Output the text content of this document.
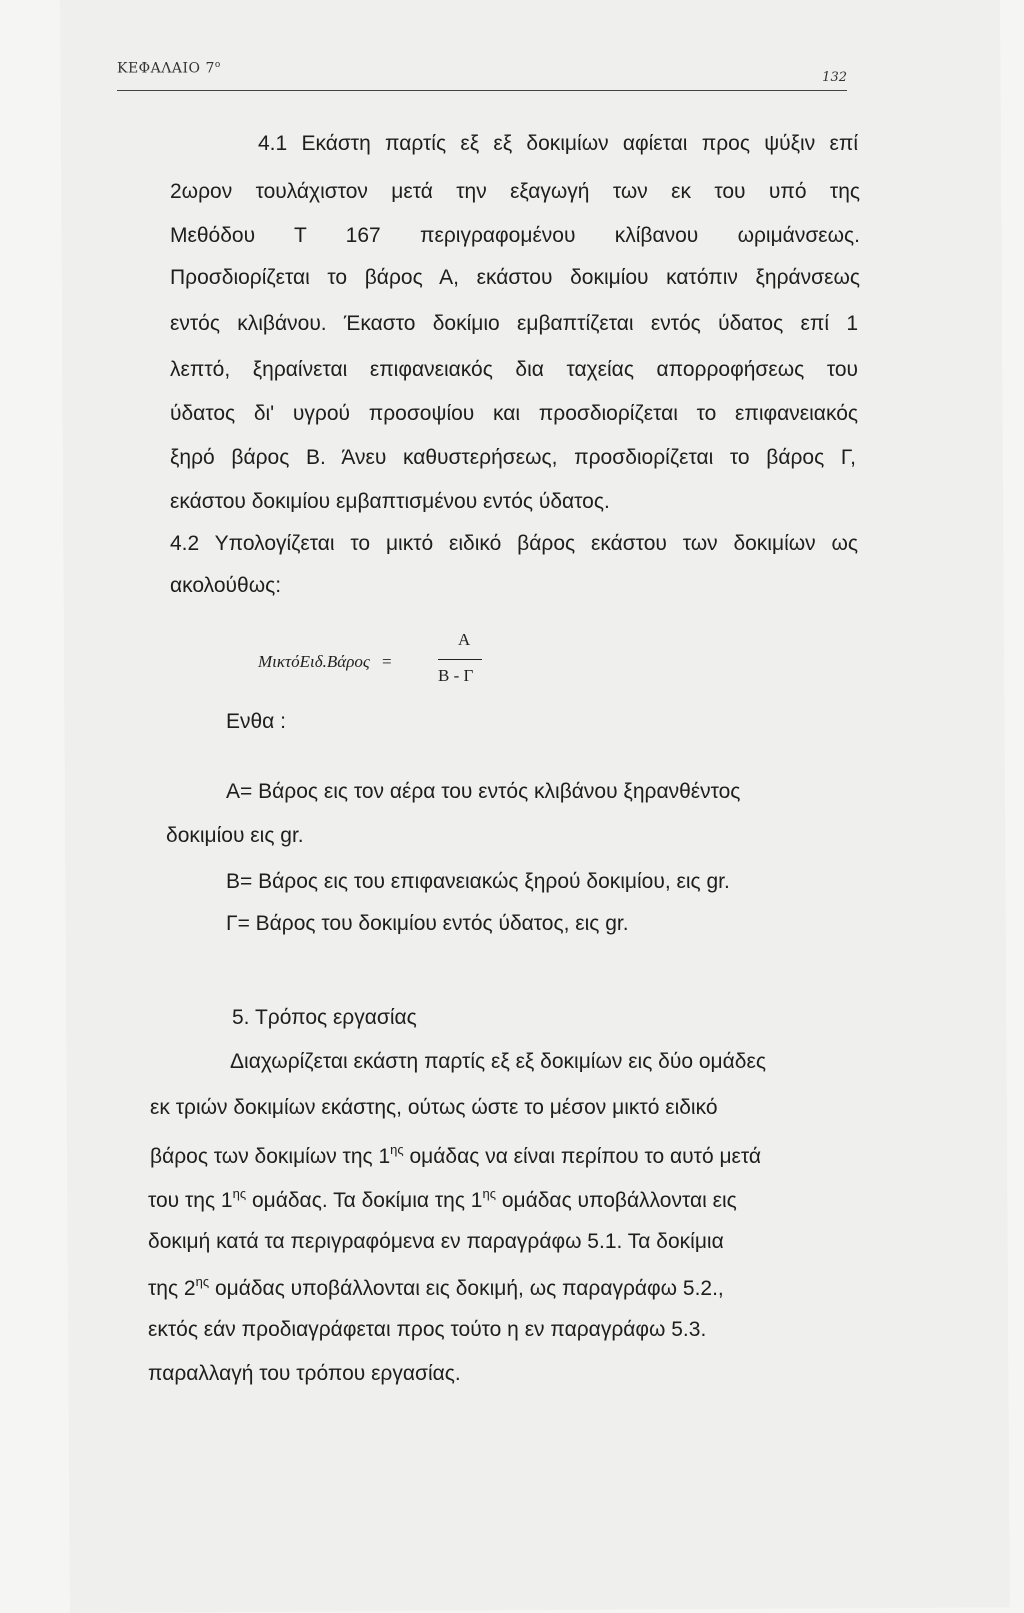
ΚΕΦΑΛΑΙΟ $7^o$
132
4.1 Εκάστη παρτίς εξ εξ δοκιμίων αφίεται προς ψύξιν επί
2ωρον τουλάχιστον μετά την εξαγωγή των εκ του υπό της
Μεθόδου Τ 167 περιγραφομένου κλίβανου ωριμάνσεως.
Προσδιορίζεται το βάρος Α, εκάστου δοκιμίου κατόπιν ξηράνσεως
εντός κλιβάνου. Έκαστο δοκίμιο εμβαπτίζεται εντός ύδατος επί 1
λεπτό, ξηραίνεται επιφανειακός δια ταχείας απορροφήσεως του
ύδατος δι' υγρού προσοψίου και προσδιορίζεται το επιφανειακός
ξηρό βάρος Β. Άνευ καθυστερήσεως, προσδιορίζεται το βάρος Γ,
εκάστου δοκιμίου εμβαπτισμένου εντός ύδατος.
4.2 Υπολογίζεται το μικτό ειδικό βάρος εκάστου των δοκιμίων ως
ακολούθως:
Ενθα :
Α= Βάρος εις τον αέρα του εντός κλιβάνου ξηρανθέντος
δοκιμίου εις gr.
Β= Βάρος εις του επιφανειακώς ξηρού δοκιμίου, εις gr.
Γ= Βάρος του δοκιμίου εντός ύδατος, εις gr.
5. Τρόπος εργασίας
Διαχωρίζεται εκάστη παρτίς εξ εξ δοκιμίων εις δύο ομάδες
εκ τριών δοκιμίων εκάστης, ούτως ώστε το μέσον μικτό ειδικό
βάρος των δοκιμίων της $1^{\eta\varsigma}$ ομάδας να είναι περίπου το αυτό μετά
του της $1^{\eta\varsigma}$ ομάδας. Τα δοκίμια της $1^{\eta\varsigma}$ ομάδας υποβάλλονται εις
δοκιμή κατά τα περιγραφόμενα εν παραγράφω 5.1. Τα δοκίμια
της $2^{\eta\varsigma}$ ομάδας υποβάλλονται εις δοκιμή, ως παραγράφω 5.2.,
εκτός εάν προδιαγράφεται προς τούτο η εν παραγράφω 5.3.
παραλλαγή του τρόπου εργασίας.
ΜικτόΕιδ.Βάρος =
Α
Β - Γ
